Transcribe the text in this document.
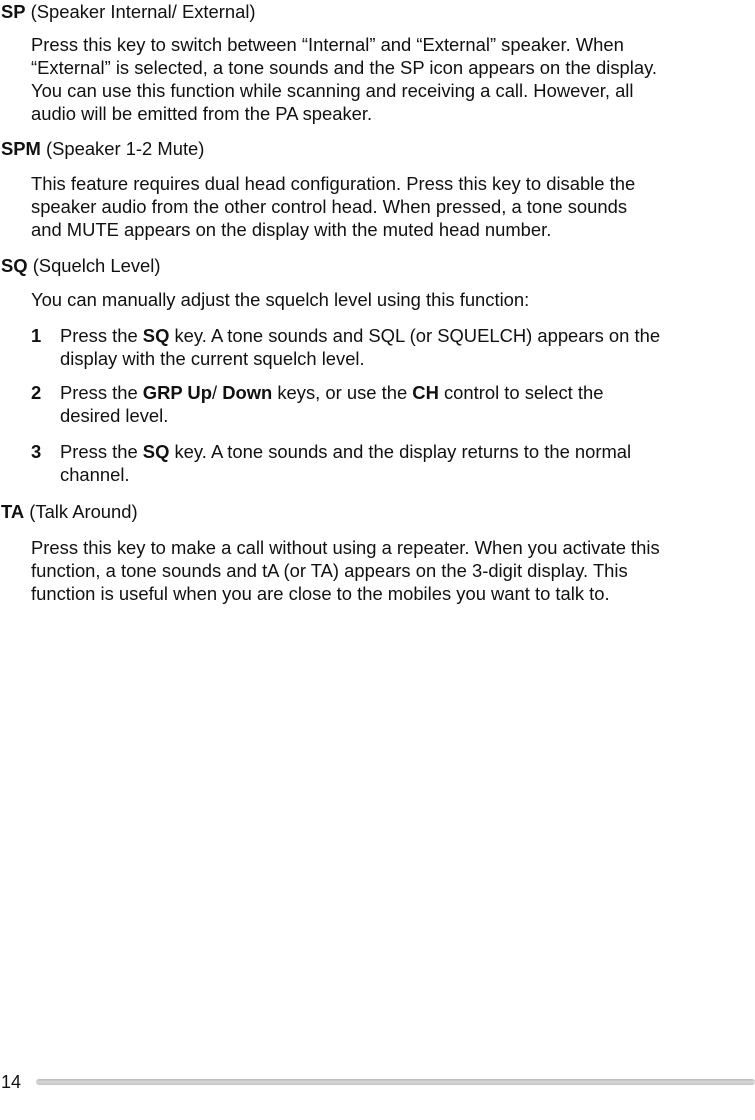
SP (Speaker Internal/ External)
Press this key to switch between “Internal” and “External” speaker. When
“External” is selected, a tone sounds and the SP icon appears on the display.
You can use this function while scanning and receiving a call. However, all
audio will be emitted from the PA speaker.
SPM (Speaker 1-2 Mute)
This feature requires dual head configuration. Press this key to disable the
speaker audio from the other control head. When pressed, a tone sounds
and MUTE appears on the display with the muted head number.
SQ (Squelch Level)
You can manually adjust the squelch level using this function:
1 Press the SQ key. A tone sounds and SQL (or SQUELCH) appears on the
display with the current squelch level.
2 Press the GRP Up/ Down keys, or use the CH control to select the
desired level.
3 Press the SQ key. A tone sounds and the display returns to the normal
channel.
TA (Talk Around)
Press this key to make a call without using a repeater. When you activate this
function, a tone sounds and tA (or TA) appears on the 3-digit display. This
function is useful when you are close to the mobiles you want to talk to.
14
